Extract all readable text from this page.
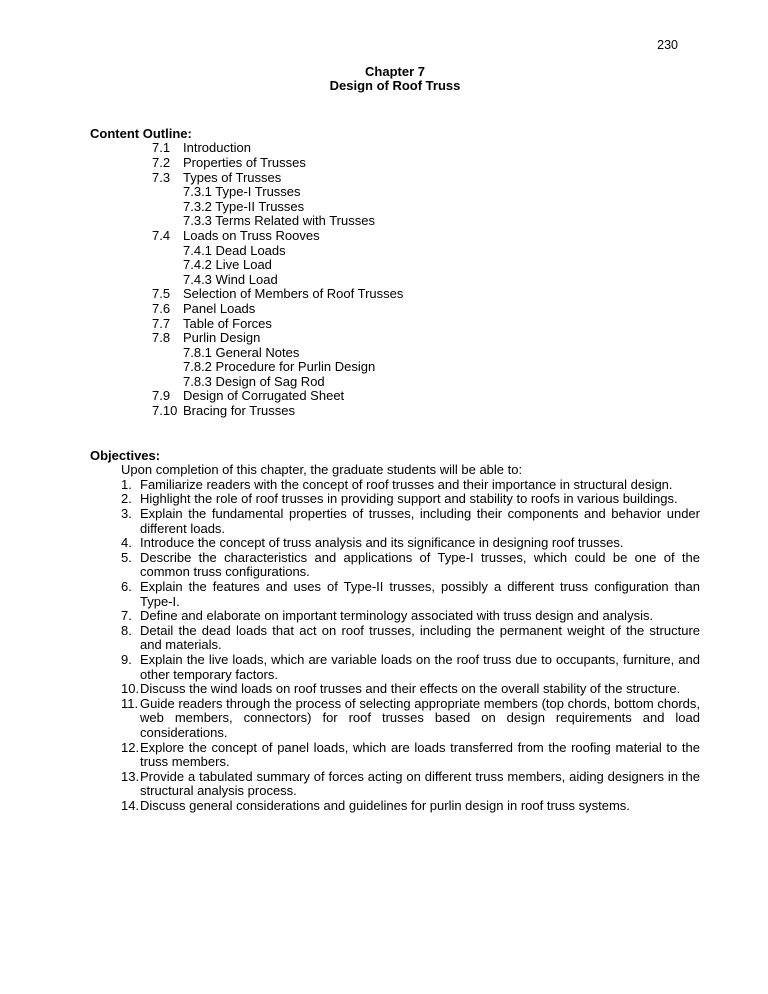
230
Chapter 7
Design of Roof Truss
Content Outline:
7.1 Introduction
7.2 Properties of Trusses
7.3 Types of Trusses
7.3.1 Type-I Trusses
7.3.2 Type-II Trusses
7.3.3 Terms Related with Trusses
7.4 Loads on Truss Rooves
7.4.1 Dead Loads
7.4.2 Live Load
7.4.3 Wind Load
7.5 Selection of Members of Roof Trusses
7.6 Panel Loads
7.7 Table of Forces
7.8 Purlin Design
7.8.1 General Notes
7.8.2 Procedure for Purlin Design
7.8.3 Design of Sag Rod
7.9 Design of Corrugated Sheet
7.10 Bracing for Trusses
Objectives:
Upon completion of this chapter, the graduate students will be able to:
1. Familiarize readers with the concept of roof trusses and their importance in structural design.
2. Highlight the role of roof trusses in providing support and stability to roofs in various buildings.
3. Explain the fundamental properties of trusses, including their components and behavior under different loads.
4. Introduce the concept of truss analysis and its significance in designing roof trusses.
5. Describe the characteristics and applications of Type-I trusses, which could be one of the common truss configurations.
6. Explain the features and uses of Type-II trusses, possibly a different truss configuration than Type-I.
7. Define and elaborate on important terminology associated with truss design and analysis.
8. Detail the dead loads that act on roof trusses, including the permanent weight of the structure and materials.
9. Explain the live loads, which are variable loads on the roof truss due to occupants, furniture, and other temporary factors.
10. Discuss the wind loads on roof trusses and their effects on the overall stability of the structure.
11. Guide readers through the process of selecting appropriate members (top chords, bottom chords, web members, connectors) for roof trusses based on design requirements and load considerations.
12. Explore the concept of panel loads, which are loads transferred from the roofing material to the truss members.
13. Provide a tabulated summary of forces acting on different truss members, aiding designers in the structural analysis process.
14. Discuss general considerations and guidelines for purlin design in roof truss systems.
